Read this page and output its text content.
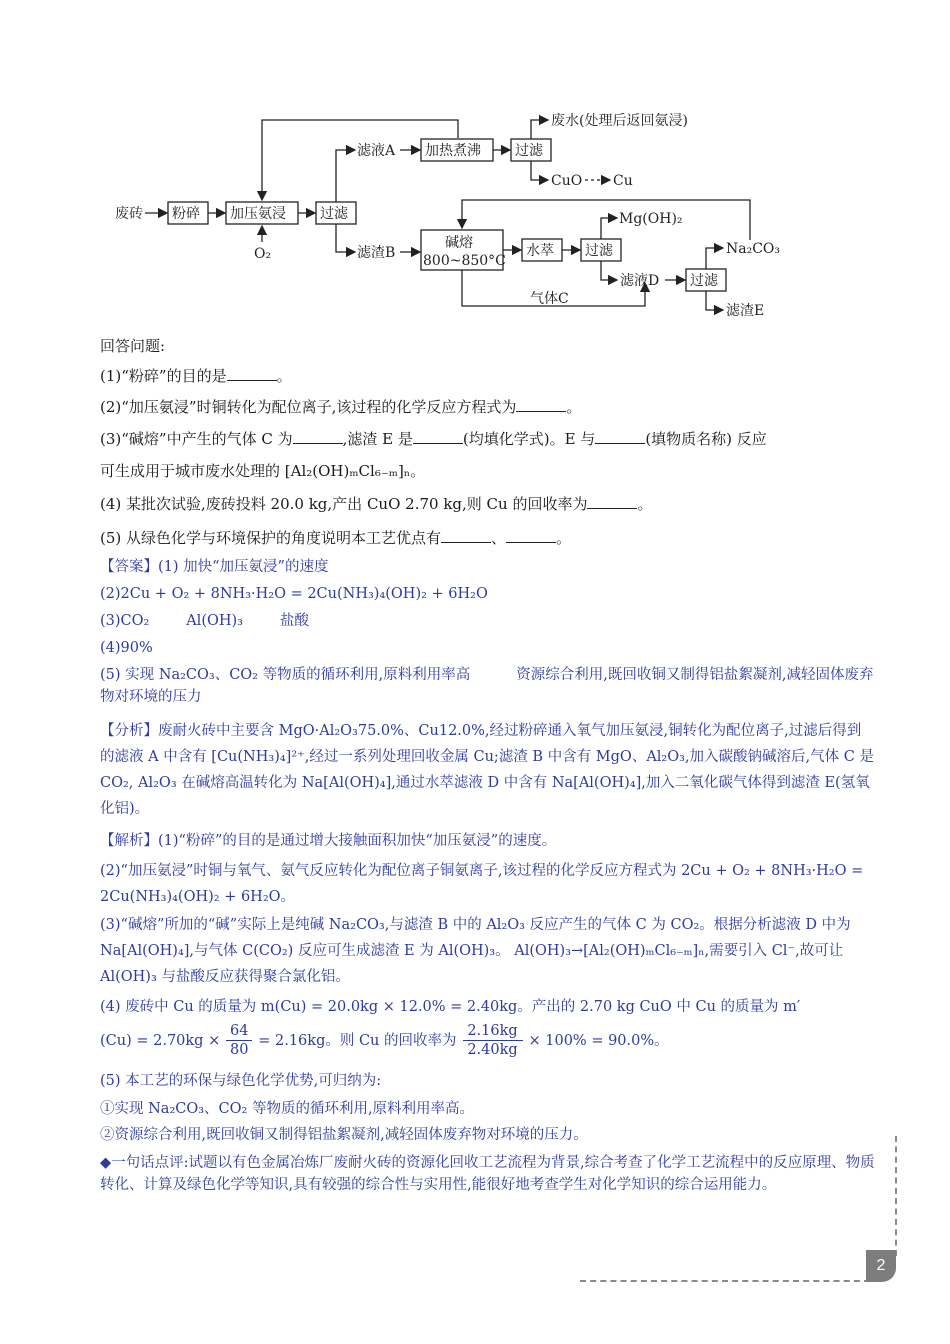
废砖 粉碎 加压氨浸
O₂
过滤
滤液A 加热煮沸 过滤
废水(处理后返回氨浸)
CuO Cu
滤渣B
碱熔
800~850°C
水萃 过滤
Mg(OH)₂
滤液D 过滤
Na₂CO₃
滤渣E
气体C
回答问题:
(1)“粉碎”的目的是	。
(2)“加压氨浸”时铜转化为配位离子,该过程的化学反应方程式为	。
(3)“碱熔”中产生的气体 C 为	,滤渣 E 是	(均填化学式)。E 与	(填物质名称) 反应
可生成用于城市废水处理的 [Al₂(OH)ₘCl₆₋ₘ]ₙ。
(4) 某批次试验,废砖投料 20.0 kg,产出 CuO 2.70 kg,则 Cu 的回收率为	。
(5) 从绿色化学与环境保护的角度说明本工艺优点有	、	。
【答案】(1) 加快“加压氨浸”的速度
(2)2Cu + O₂ + 8NH₃·H₂O = 2Cu(NH₃)₄(OH)₂ + 6H₂O
(3)CO₂        Al(OH)₃        盐酸
(4)90%
(5) 实现 Na₂CO₃、CO₂ 等物质的循环利用,原料利用率高          资源综合利用,既回收铜又制得铝盐絮凝剂,减轻固体废弃物对环境的压力
【分析】废耐火砖中主要含 MgO·Al₂O₃75.0%、Cu12.0%,经过粉碎通入氧气加压氨浸,铜转化为配位离子,过滤后得到的滤液 A 中含有 [Cu(NH₃)₄]²⁺,经过一系列处理回收金属 Cu;滤渣 B 中含有 MgO、Al₂O₃,加入碳酸钠碱溶后,气体 C 是 CO₂, Al₂O₃ 在碱熔高温转化为 Na[Al(OH)₄],通过水萃滤液 D 中含有 Na[Al(OH)₄],加入二氧化碳气体得到滤渣 E(氢氧化铝)。
【解析】(1)“粉碎”的目的是通过增大接触面积加快“加压氨浸”的速度。
(2)“加压氨浸”时铜与氧气、氨气反应转化为配位离子铜氨离子,该过程的化学反应方程式为 2Cu + O₂ + 8NH₃·H₂O = 2Cu(NH₃)₄(OH)₂ + 6H₂O。
(3)“碱熔”所加的“碱”实际上是纯碱 Na₂CO₃,与滤渣 B 中的 Al₂O₃ 反应产生的气体 C 为 CO₂。根据分析滤液 D 中为 Na[Al(OH)₄],与气体 C(CO₂) 反应可生成滤渣 E 为 Al(OH)₃。 Al(OH)₃→[Al₂(OH)ₘCl₆₋ₘ]ₙ,需要引入 Cl⁻,故可让 Al(OH)₃ 与盐酸反应获得聚合氯化铝。
(4) 废砖中 Cu 的质量为 m(Cu) = 20.0kg × 12.0% = 2.40kg。产出的 2.70 kg CuO 中 Cu 的质量为 m′
$(Cu) = 2.70kg \times \frac{64}{80} = 2.16kg$。则 Cu 的回收率为 $\frac{2.16kg}{2.40kg} \times 100\% = 90.0\%$。
(5) 本工艺的环保与绿色化学优势,可归纳为:
①实现 Na₂CO₃、CO₂ 等物质的循环利用,原料利用率高。
②资源综合利用,既回收铜又制得铝盐絮凝剂,减轻固体废弃物对环境的压力。
◆一句话点评:试题以有色金属冶炼厂废耐火砖的资源化回收工艺流程为背景,综合考查了化学工艺流程中的反应原理、物质转化、计算及绿色化学等知识,具有较强的综合性与实用性,能很好地考查学生对化学知识的综合运用能力。
2
